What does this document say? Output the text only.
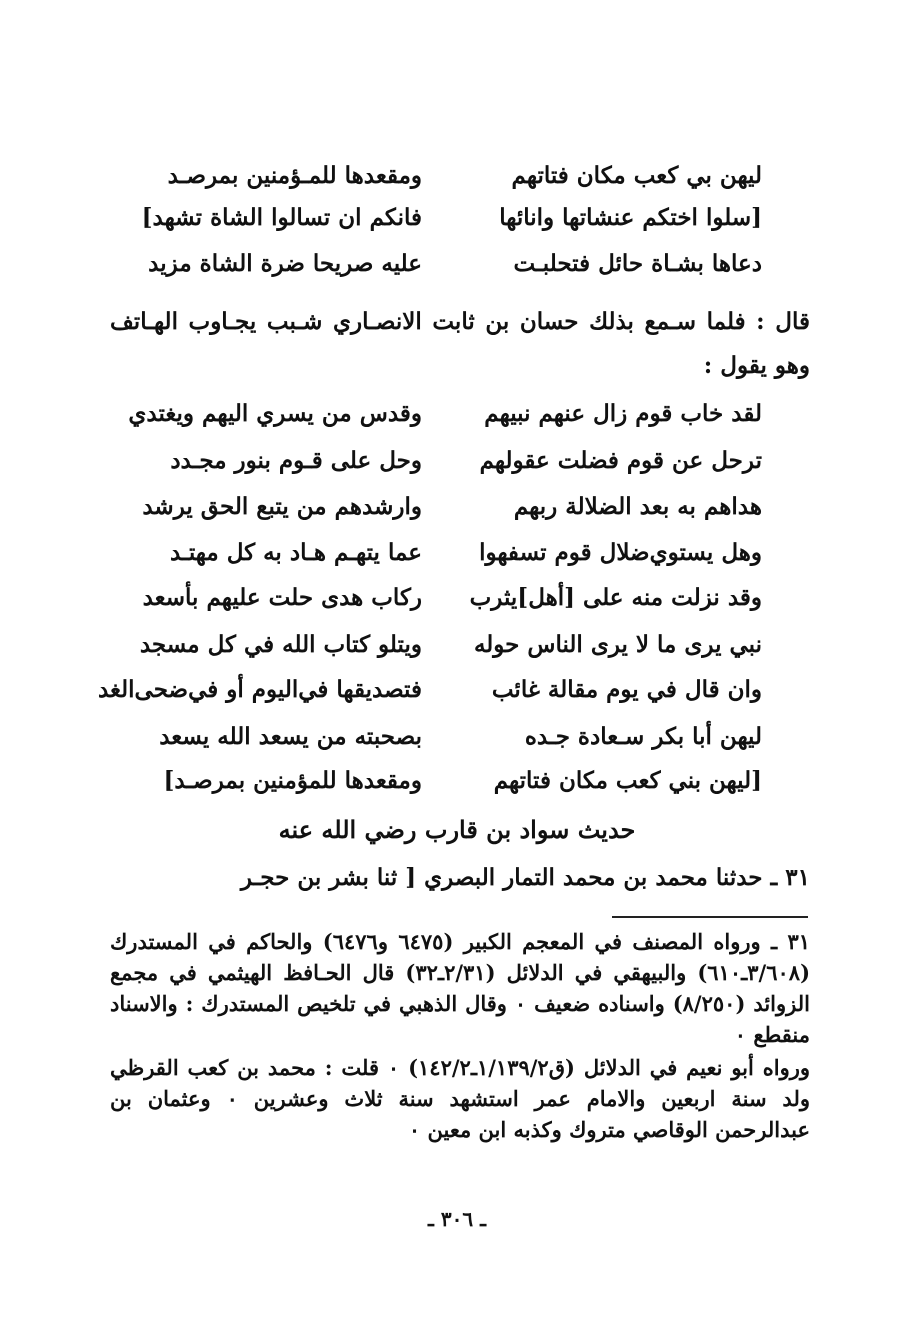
ليهن بي كعب مكان فتاتهم
ومقعدها للمـؤمنين بمرصـد
[سلوا اختكم عنشاتها وانائها
فانكم ان تسالوا الشاة تشهد]
دعاها بشـاة حائل فتحلبـت
عليه صريحا ضرة الشاة مزيد
قال : فلما سـمع بذلك حسان بن ثابت الانصـاري شـبب يجـاوب الهـاتف وهو يقول :
لقد خاب قوم زال عنهم نبيهم
وقدس من يسري اليهم ويغتدي
ترحل عن قوم فضلت عقولهم
وحل على قـوم بنور مجـدد
هداهم به بعد الضلالة ربهم
وارشدهم من يتبع الحق يرشد
وهل يستوي‌ضلال قوم تسفهوا
عما يتهـم هـاد به كل مهتـد
وقد نزلت منه على [أهل]يثرب
ركاب هدى حلت عليهم بأسعد
نبي يرى ما لا يرى الناس حوله
ويتلو كتاب الله في كل مسجد
وان قال في يوم مقالة غائب
فتصديقها في‌اليوم أو في‌ضحى‌الغد
ليهن أبا بكر سـعادة جـده
بصحبته من يسعد الله يسعد
[ليهن بني كعب مكان فتاتهم
ومقعدها للمؤمنين بمرصـد]
حديث سواد بن قارب رضي الله عنه
٣١ ـ حدثنا محمد بن محمد التمار البصري [ ثنا بشر بن حجـر
٣١ ـ ورواه المصنف في المعجم الكبير (٦٤٧٥ و٦٤٧٦) والحاكم في المستدرك (٣/٦٠٨ـ٦١٠) والبيهقي في الدلائل (٢/٣١ـ٣٢) قال الحـافظ الهيثمي في مجمع الزوائد (٨/٢٥٠) واسناده ضعيف ٠ وقال الذهبي في تلخيص المستدرك : والاسناد منقطع ٠
ورواه أبو نعيم في الدلائل (ق١/١٣٩/٢ـ١٤٢/٢) ٠ قلت : محمد بن كعب القرظي ولد سنة اربعين والامام عمر استشهد سنة ثلاث وعشرين ٠ وعثمان بن عبدالرحمن الوقاصي متروك وكذبه ابن معين ٠
ـ ٣٠٦ ـ
